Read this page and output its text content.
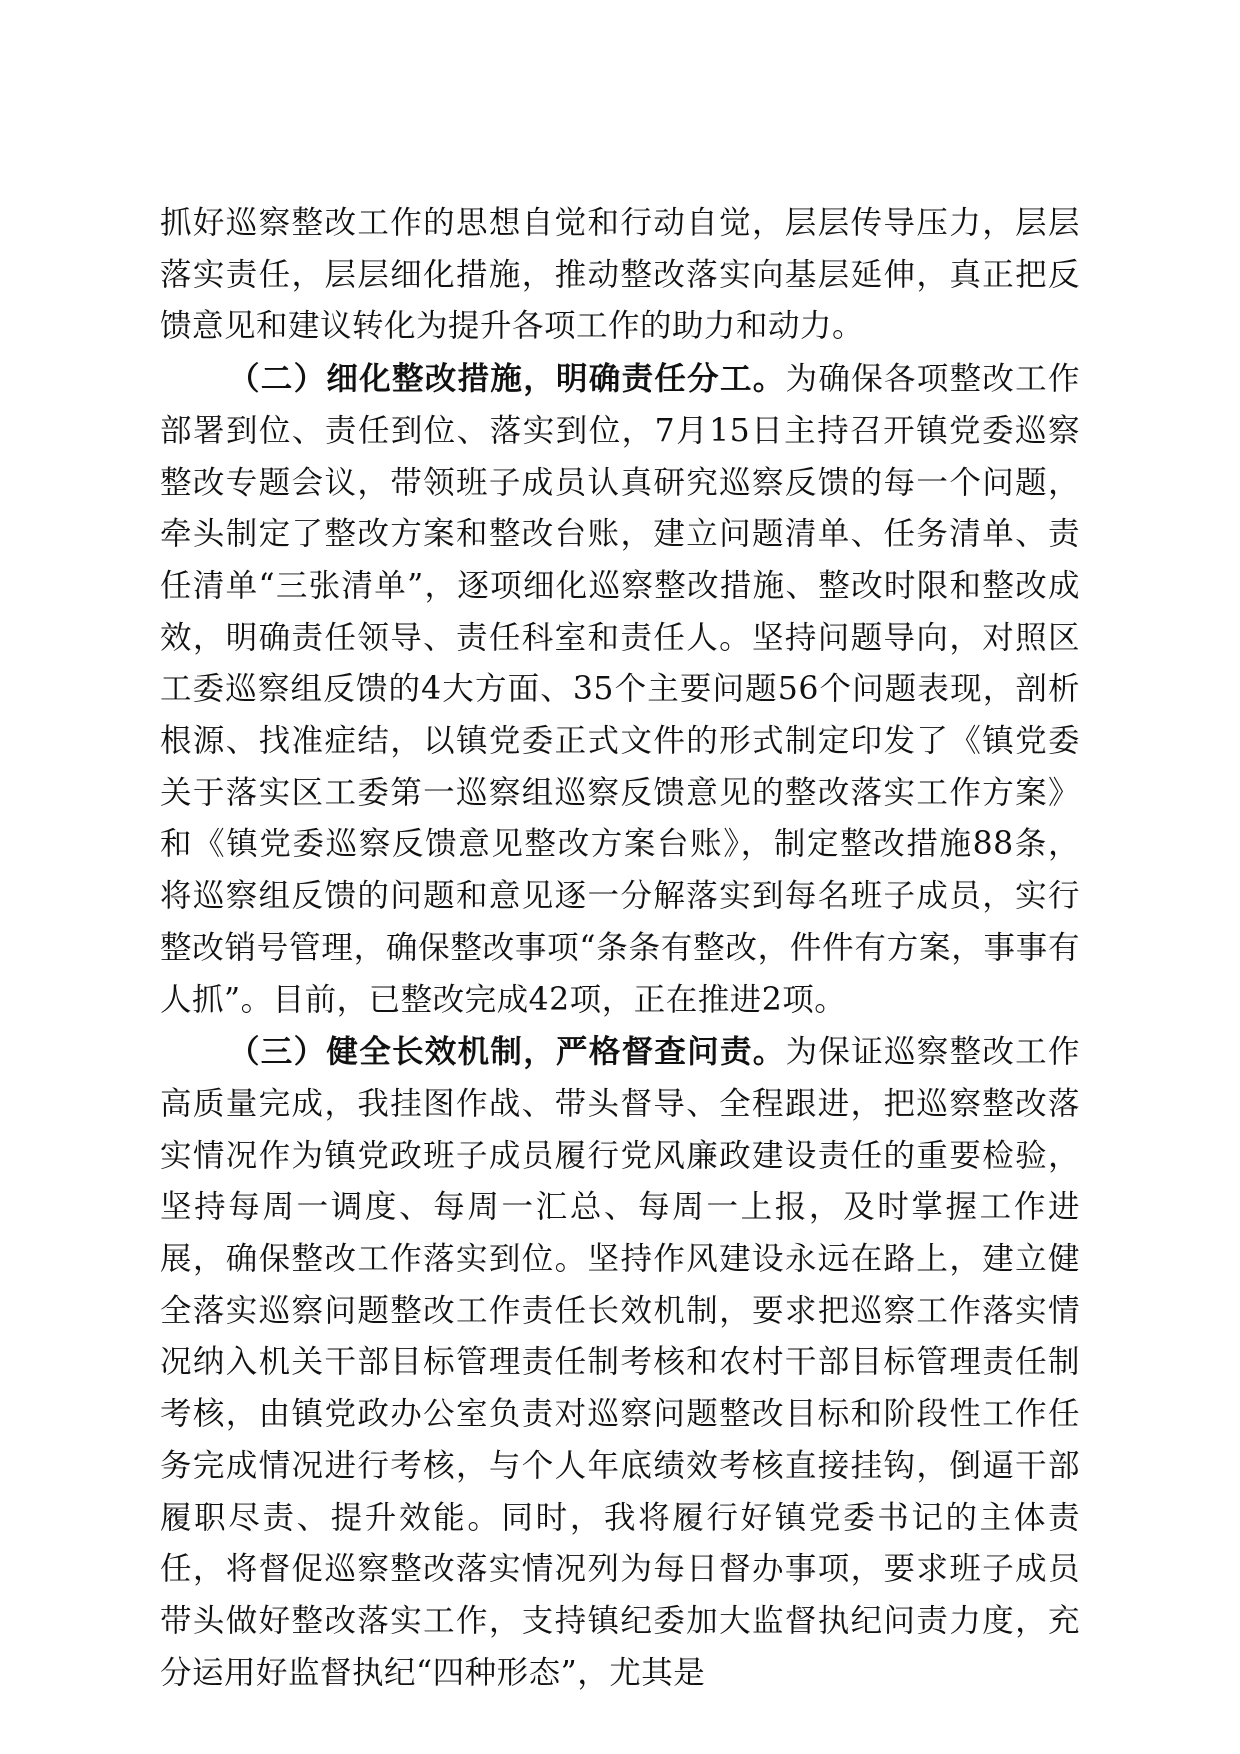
抓好巡察整改工作的思想自觉和行动自觉，层层传导压力，层层落实责任，层层细化措施，推动整改落实向基层延伸，真正把反馈意见和建议转化为提升各项工作的助力和动力。

（二）细化整改措施，明确责任分工。为确保各项整改工作部署到位、责任到位、落实到位，7月15日主持召开镇党委巡察整改专题会议，带领班子成员认真研究巡察反馈的每一个问题，牵头制定了整改方案和整改台账，建立问题清单、任务清单、责任清单“三张清单”，逐项细化巡察整改措施、整改时限和整改成效，明确责任领导、责任科室和责任人。坚持问题导向，对照区工委巡察组反馈的4大方面、35个主要问题56个问题表现，剖析根源、找准症结，以镇党委正式文件的形式制定印发了《镇党委关于落实区工委第一巡察组巡察反馈意见的整改落实工作方案》和《镇党委巡察反馈意见整改方案台账》，制定整改措施88条，将巡察组反馈的问题和意见逐一分解落实到每名班子成员，实行整改销号管理，确保整改事项“条条有整改，件件有方案，事事有人抓”。目前，已整改完成42项，正在推进2项。

（三）健全长效机制，严格督查问责。为保证巡察整改工作高质量完成，我挂图作战、带头督导、全程跟进，把巡察整改落实情况作为镇党政班子成员履行党风廉政建设责任的重要检验，坚持每周一调度、每周一汇总、每周一上报，及时掌握工作进展，确保整改工作落实到位。坚持作风建设永远在路上，建立健全落实巡察问题整改工作责任长效机制，要求把巡察工作落实情况纳入机关干部目标管理责任制考核和农村干部目标管理责任制考核，由镇党政办公室负责对巡察问题整改目标和阶段性工作任务完成情况进行考核，与个人年底绩效考核直接挂钩，倒逼干部履职尽责、提升效能。同时，我将履行好镇党委书记的主体责任，将督促巡察整改落实情况列为每日督办事项，要求班子成员带头做好整改落实工作，支持镇纪委加大监督执纪问责力度，充分运用好监督执纪“四种形态”，尤其是
